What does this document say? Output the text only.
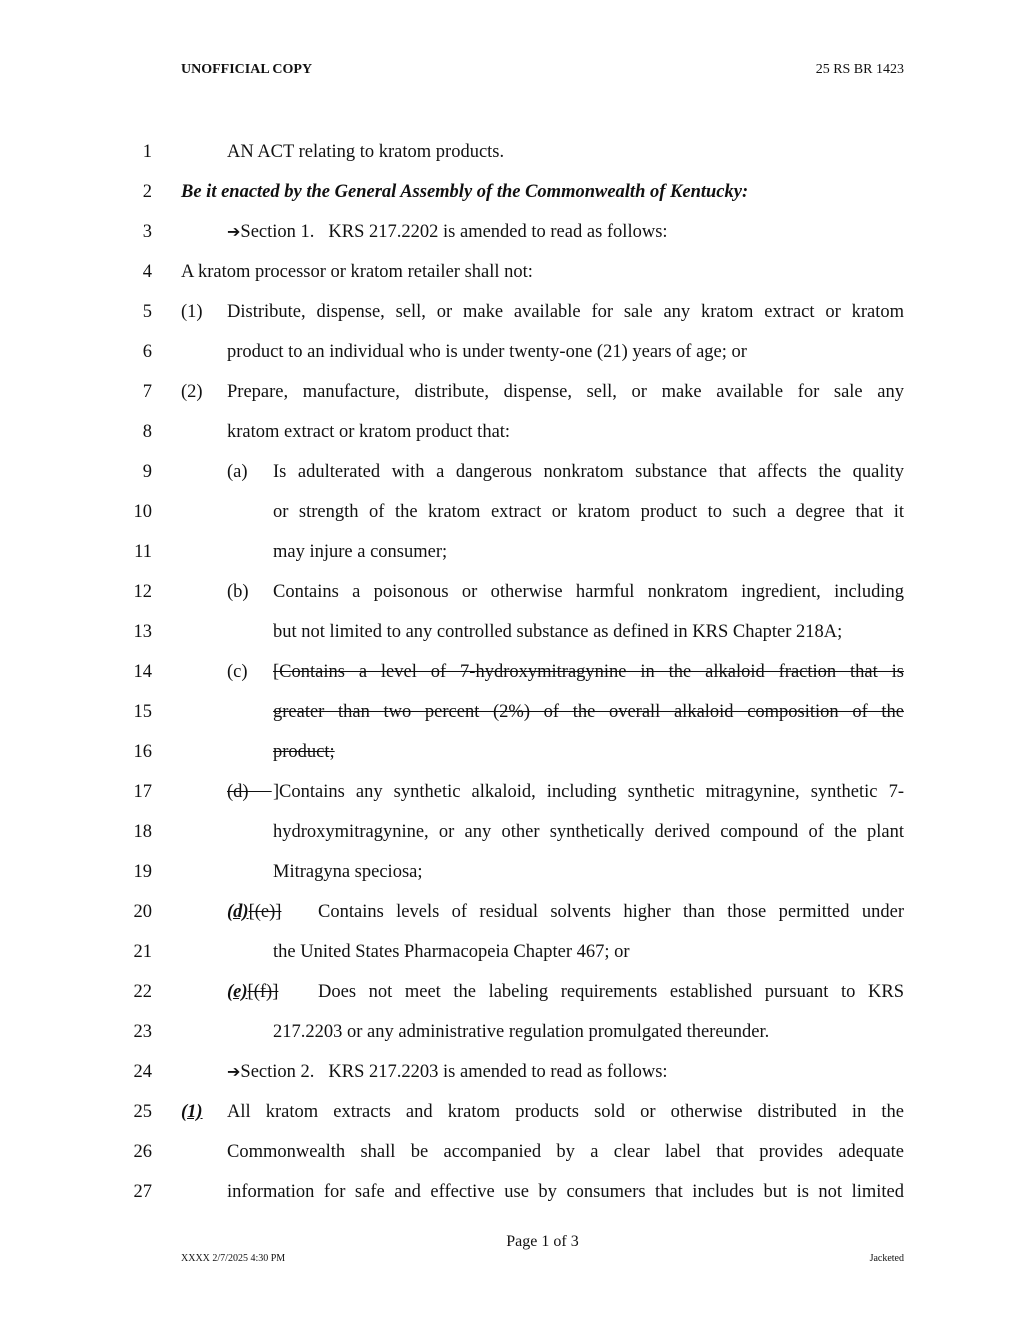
UNOFFICIAL COPY	25 RS BR 1423
1	AN ACT relating to kratom products.
2 Be it enacted by the General Assembly of the Commonwealth of Kentucky:
3	➔Section 1. KRS 217.2202 is amended to read as follows:
4 A kratom processor or kratom retailer shall not:
5 (1) Distribute, dispense, sell, or make available for sale any kratom extract or kratom
6	product to an individual who is under twenty-one (21) years of age; or
7 (2) Prepare, manufacture, distribute, dispense, sell, or make available for sale any
8	kratom extract or kratom product that:
9	(a) Is adulterated with a dangerous nonkratom substance that affects the quality
10	or strength of the kratom extract or kratom product to such a degree that it
11	may injure a consumer;
12	(b) Contains a poisonous or otherwise harmful nonkratom ingredient, including
13	but not limited to any controlled substance as defined in KRS Chapter 218A;
14	(c) [Contains a level of 7-hydroxymitragynine in the alkaloid fraction that is
15	greater than two percent (2%) of the overall alkaloid composition of the
16	product;
17	(d)	] Contains any synthetic alkaloid, including synthetic mitragynine, synthetic 7-
18	hydroxymitragynine, or any other synthetically derived compound of the plant
19	Mitragyna speciosa;
20	(d)[(e)] Contains levels of residual solvents higher than those permitted under
21	the United States Pharmacopeia Chapter 467; or
22	(e)[(f)] Does not meet the labeling requirements established pursuant to KRS
23	217.2203 or any administrative regulation promulgated thereunder.
24	➔Section 2. KRS 217.2203 is amended to read as follows:
25 (1) All kratom extracts and kratom products sold or otherwise distributed in the
26	Commonwealth shall be accompanied by a clear label that provides adequate
27	information for safe and effective use by consumers that includes but is not limited
Page 1 of 3
XXXX 2/7/2025 4:30 PM	Jacketed
